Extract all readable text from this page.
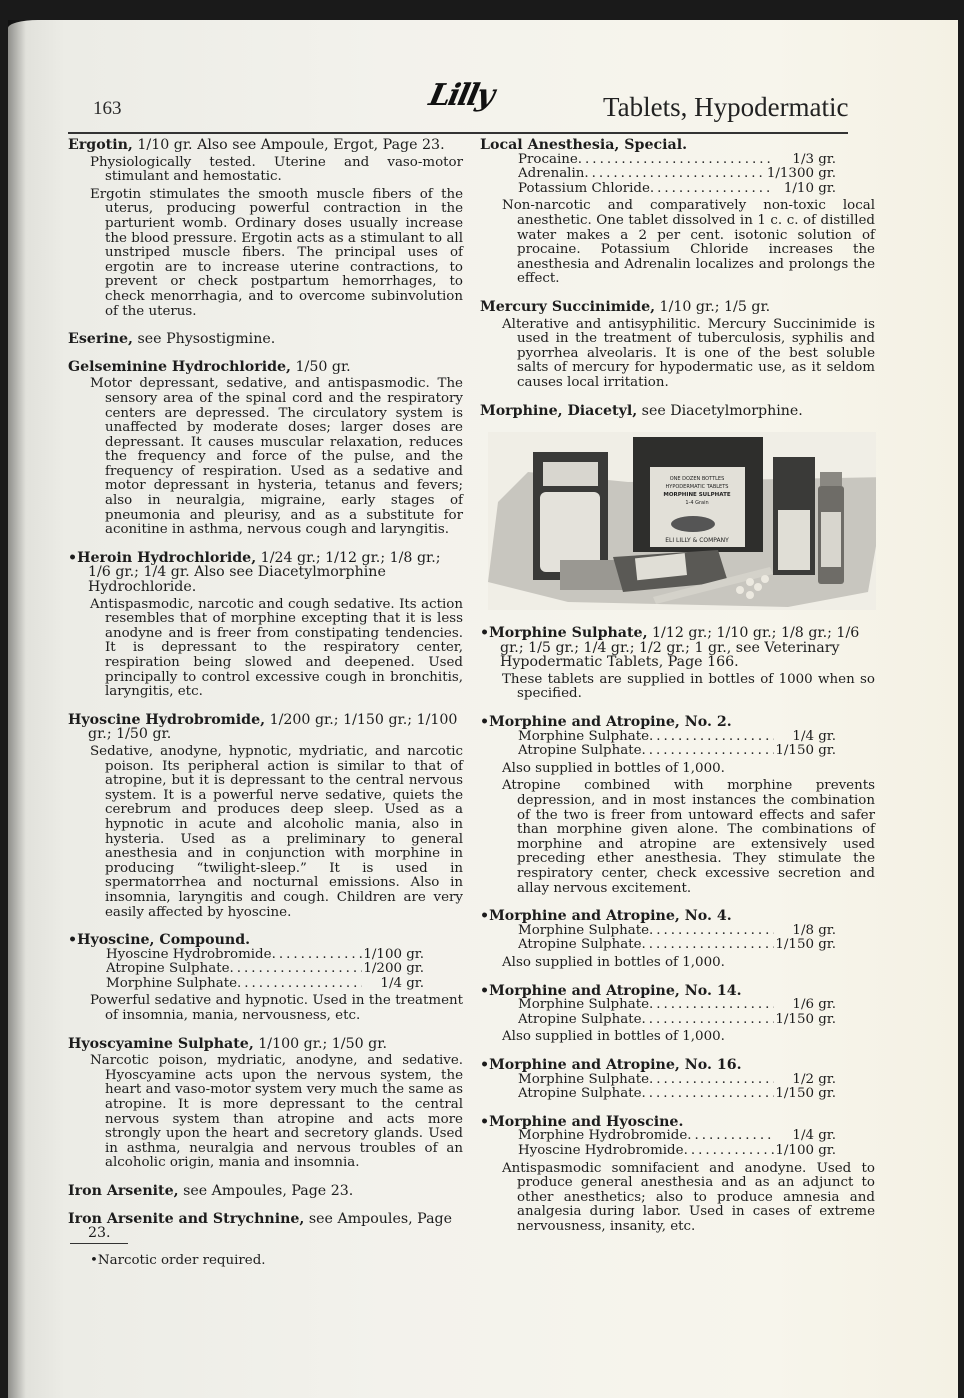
163	Lilly	Tablets, Hypodermatic
Ergotin, 1/10 gr. Also see Ampoule, Ergot, Page 23.
Physiologically tested. Uterine and vaso-motor stimulant and hemostatic.
Ergotin stimulates the smooth muscle fibers of the uterus, producing powerful contraction in the parturient womb. Ordinary doses usually increase the blood pressure. Ergotin acts as a stimulant to all unstriped muscle fibers. The principal uses of ergotin are to increase uterine contractions, to prevent or check postpartum hemorrhages, to check menorrhagia, and to overcome subinvolution of the uterus.
Eserine, see Physostigmine.
Gelseminine Hydrochloride, 1/50 gr.
Motor depressant, sedative, and antispasmodic. The sensory area of the spinal cord and the respiratory centers are depressed. The circulatory system is unaffected by moderate doses; larger doses are depressant. It causes muscular relaxation, reduces the frequency and force of the pulse, and the frequency of respiration. Used as a sedative and motor depressant in hysteria, tetanus and fevers; also in neuralgia, migraine, early stages of pneumonia and pleurisy, and as a substitute for aconitine in asthma, nervous cough and laryngitis.
•Heroin Hydrochloride, 1/24 gr.; 1/12 gr.; 1/8 gr.; 1/6 gr.; 1/4 gr. Also see Diacetylmorphine Hydrochloride.
Antispasmodic, narcotic and cough sedative. Its action resembles that of morphine excepting that it is less anodyne and is freer from constipating tendencies. It is depressant to the respiratory center, respiration being slowed and deepened. Used principally to control excessive cough in bronchitis, laryngitis, etc.
Hyoscine Hydrobromide, 1/200 gr.; 1/150 gr.; 1/100 gr.; 1/50 gr.
Sedative, anodyne, hypnotic, mydriatic, and narcotic poison. Its peripheral action is similar to that of atropine, but it is depressant to the central nervous system. It is a powerful nerve sedative, quiets the cerebrum and produces deep sleep. Used as a hypnotic in acute and alcoholic mania, also in hysteria. Used as a preliminary to general anesthesia and in conjunction with morphine in producing “twilight-sleep.” It is used in spermatorrhea and nocturnal emissions. Also in insomnia, laryngitis and cough. Children are very easily affected by hyoscine.
•Hyoscine, Compound.
Hyoscine Hydrobromide .....	1/100 gr.
Atropine Sulphate .....	1/200 gr.
Morphine Sulphate .....	1/4 gr.
Powerful sedative and hypnotic. Used in the treatment of insomnia, mania, nervousness, etc.
Hyoscyamine Sulphate, 1/100 gr.; 1/50 gr.
Narcotic poison, mydriatic, anodyne, and sedative. Hyoscyamine acts upon the nervous system, the heart and vaso-motor system very much the same as atropine. It is more depressant to the central nervous system than atropine and acts more strongly upon the heart and secretory glands. Used in asthma, neuralgia and nervous troubles of an alcoholic origin, mania and insomnia.
Iron Arsenite, see Ampoules, Page 23.
Iron Arsenite and Strychnine, see Ampoules, Page 23.
•Narcotic order required.
Local Anesthesia, Special.
Procaine .....	1/3 gr.
Adrenalin .....	1/1300 gr.
Potassium Chloride .....	1/10 gr.
Non-narcotic and comparatively non-toxic local anesthetic. One tablet dissolved in 1 c. c. of distilled water makes a 2 per cent. isotonic solution of procaine. Potassium Chloride increases the anesthesia and Adrenalin localizes and prolongs the effect.
Mercury Succinimide, 1/10 gr.; 1/5 gr.
Alterative and antisyphilitic. Mercury Succinimide is used in the treatment of tuberculosis, syphilis and pyorrhea alveolaris. It is one of the best soluble salts of mercury for hypodermatic use, as it seldom causes local irritation.
Morphine, Diacetyl, see Diacetylmorphine.
ONE DOZEN BOTTLES
HYPODERMATIC TABLETS
MORPHINE SULPHATE
1-4 Grain
ELI LILLY & COMPANY
•Morphine Sulphate, 1/12 gr.; 1/10 gr.; 1/8 gr.; 1/6 gr.; 1/5 gr.; 1/4 gr.; 1/2 gr.; 1 gr., see Veterinary Hypodermatic Tablets, Page 166.
These tablets are supplied in bottles of 1000 when so specified.
•Morphine and Atropine, No. 2.
Morphine Sulphate .....	1/4 gr.
Atropine Sulphate .....	1/150 gr.
Also supplied in bottles of 1,000.
Atropine combined with morphine prevents depression, and in most instances the combination of the two is freer from untoward effects and safer than morphine given alone. The combinations of morphine and atropine are extensively used preceding ether anesthesia. They stimulate the respiratory center, check excessive secretion and allay nervous excitement.
•Morphine and Atropine, No. 4.
Morphine Sulphate .....	1/8 gr.
Atropine Sulphate .....	1/150 gr.
Also supplied in bottles of 1,000.
•Morphine and Atropine, No. 14.
Morphine Sulphate .....	1/6 gr.
Atropine Sulphate .....	1/150 gr.
Also supplied in bottles of 1,000.
•Morphine and Atropine, No. 16.
Morphine Sulphate .....	1/2 gr.
Atropine Sulphate .....	1/150 gr.
•Morphine and Hyoscine.
Morphine Hydrobromide .....	1/4 gr.
Hyoscine Hydrobromide .....	1/100 gr.
Antispasmodic somnifacient and anodyne. Used to produce general anesthesia and as an adjunct to other anesthetics; also to produce amnesia and analgesia during labor. Used in cases of extreme nervousness, insanity, etc.
